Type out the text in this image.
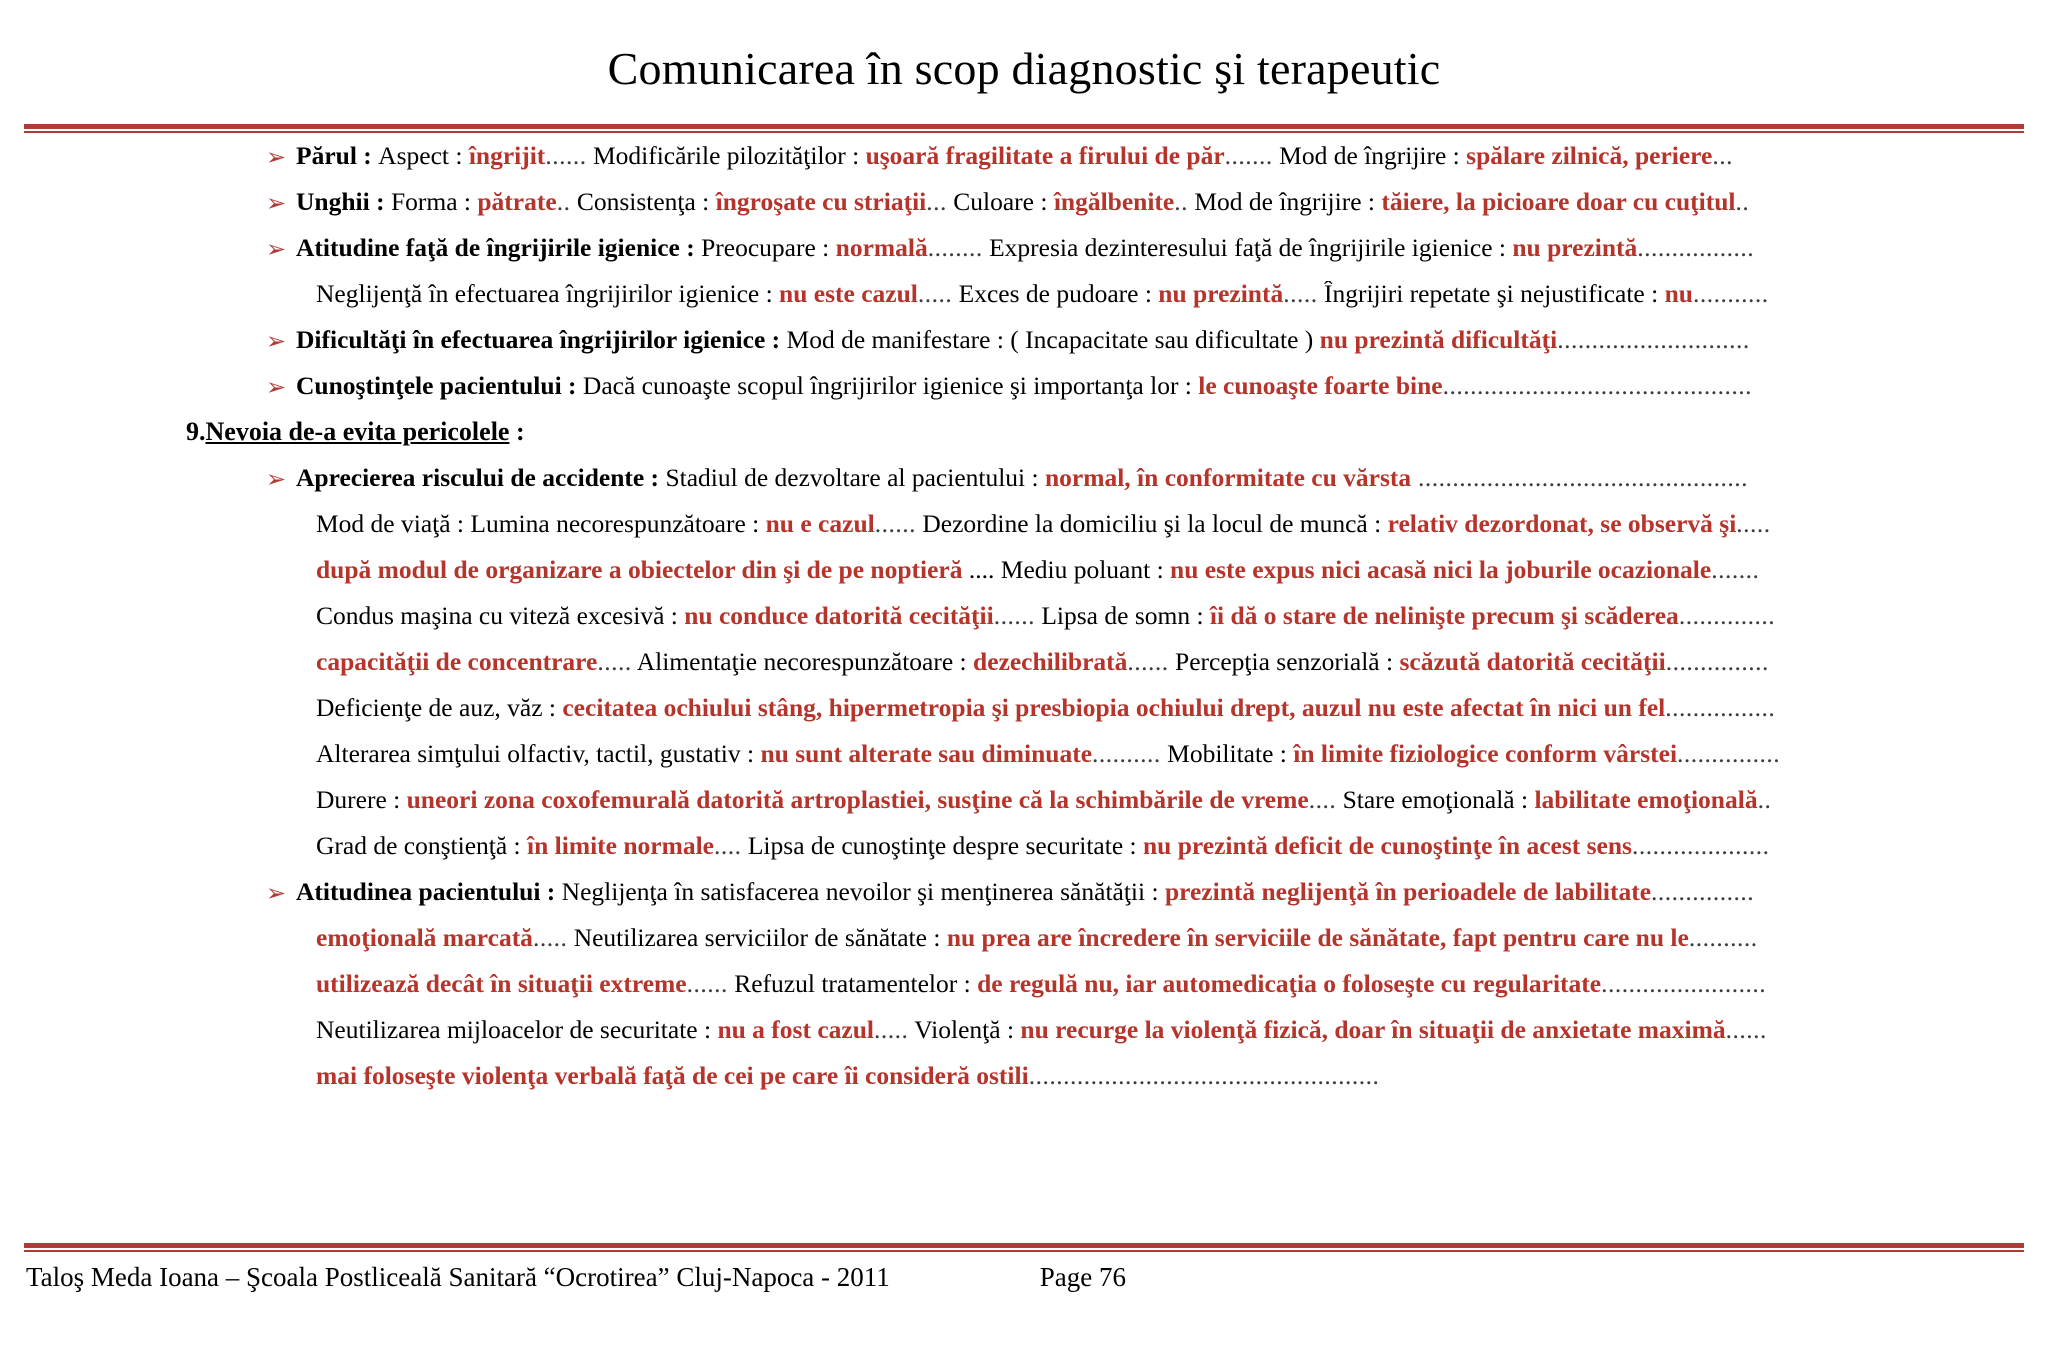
Comunicarea în scop diagnostic şi terapeutic
➢ Părul : Aspect : îngrijit...... Modificările pilozităţilor : uşoară fragilitate a firului de păr....... Mod de îngrijire : spălare zilnică, periere...
➢ Unghii : Forma : pătrate.. Consistenţa : îngroşate cu striaţii... Culoare : îngălbenite.. Mod de îngrijire : tăiere, la picioare doar cu cuţitul..
➢ Atitudine faţă de îngrijirile igienice : Preocupare : normală........ Expresia dezinteresului faţă de îngrijirile igienice : nu prezintă.................
Neglijenţă în efectuarea îngrijirilor igienice : nu este cazul..... Exces de pudoare : nu prezintă..... Îngrijiri repetate şi nejustificate : nu...........
➢ Dificultăţi în efectuarea îngrijirilor igienice : Mod de manifestare : ( Incapacitate sau dificultate ) nu prezintă dificultăţi............................
➢ Cunoştinţele pacientului : Dacă cunoaşte scopul îngrijirilor igienice şi importanţa lor : le cunoaşte foarte bine.............................................
9.Nevoia de-a evita pericolele :
➢ Aprecierea riscului de accidente : Stadiul de dezvoltare al pacientului : normal, în conformitate cu vărsta ................................................
Mod de viaţă : Lumina necorespunzătoare : nu e cazul...... Dezordine la domiciliu şi la locul de muncă : relativ dezordonat, se observă şi.....
după modul de organizare a obiectelor din şi de pe noptieră .... Mediu poluant : nu este expus nici acasă nici la joburile ocazionale.......
Condus maşina cu viteză excesivă : nu conduce datorită cecităţii...... Lipsa de somn : îi dă o stare de nelinişte precum şi scăderea..............
capacităţii de concentrare..... Alimentaţie necorespunzătoare : dezechilibrată...... Percepţia senzorială : scăzută datorită cecităţii...............
Deficienţe de auz, văz : cecitatea ochiului stâng, hipermetropia şi presbiopia ochiului drept, auzul nu este afectat în nici un fel................
Alterarea simţului olfactiv, tactil, gustativ : nu sunt alterate sau diminuate.......... Mobilitate : în limite fiziologice conform vârstei...............
Durere : uneori zona coxofemurală datorită artroplastiei, susţine că la schimbările de vreme.... Stare emoţională : labilitate emoţională..
Grad de conştienţă : în limite normale.... Lipsa de cunoştinţe despre securitate : nu prezintă deficit de cunoştinţe în acest sens....................
➢ Atitudinea pacientului : Neglijenţa în satisfacerea nevoilor şi menţinerea sănătăţii : prezintă neglijenţă în perioadele de labilitate...............
emoţională marcată..... Neutilizarea serviciilor de sănătate : nu prea are încredere în serviciile de sănătate, fapt pentru care nu le..........
utilizează decât în situaţii extreme...... Refuzul tratamentelor : de regulă nu, iar automedicaţia o foloseşte cu regularitate........................
Neutilizarea mijloacelor de securitate : nu a fost cazul..... Violenţă : nu recurge la violenţă fizică, doar în situaţii de anxietate maximă......
mai foloseşte violenţa verbală faţă de cei pe care îi consideră ostili...................................................
Taloş Meda Ioana – Şcoala Postliceală Sanitară “Ocrotirea” Cluj-Napoca - 2011	Page 76
